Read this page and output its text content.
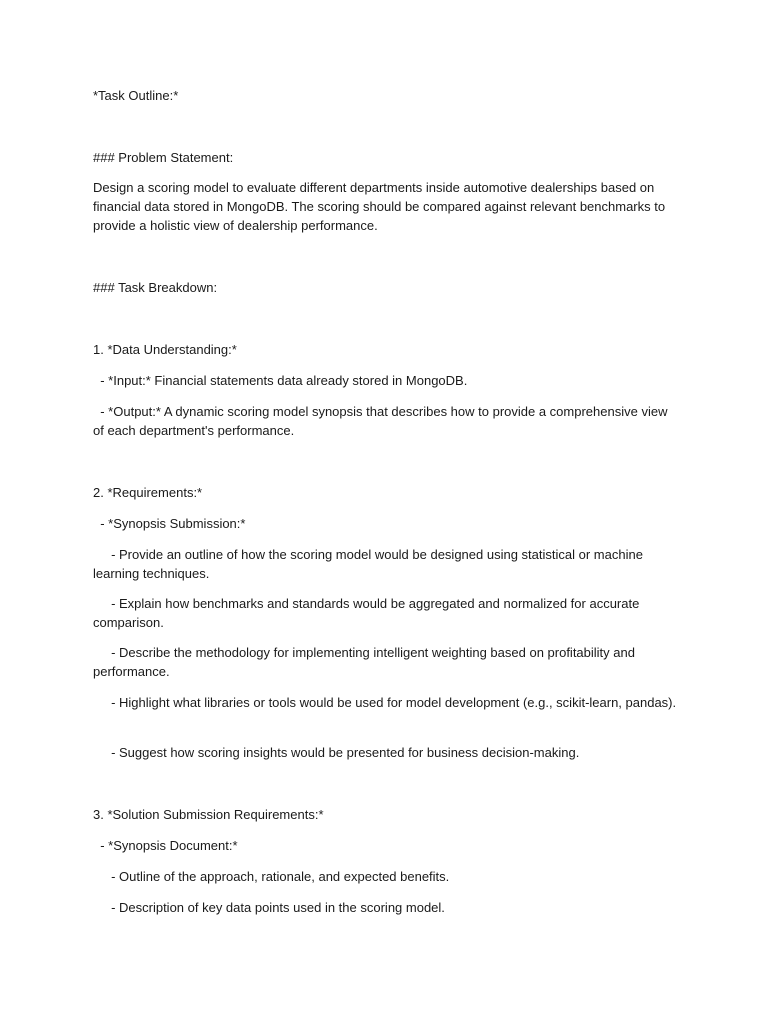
*Task Outline:*

### Problem Statement:

Design a scoring model to evaluate different departments inside automotive dealerships based on financial data stored in MongoDB. The scoring should be compared against relevant benchmarks to provide a holistic view of dealership performance.

### Task Breakdown:

1. *Data Understanding:*

- *Input:* Financial statements data already stored in MongoDB.

- *Output:* A dynamic scoring model synopsis that describes how to provide a comprehensive view of each department's performance.

2. *Requirements:*

- *Synopsis Submission:*

- Provide an outline of how the scoring model would be designed using statistical or machine learning techniques.

- Explain how benchmarks and standards would be aggregated and normalized for accurate comparison.

- Describe the methodology for implementing intelligent weighting based on profitability and performance.

- Highlight what libraries or tools would be used for model development (e.g., scikit-learn, pandas).

- Suggest how scoring insights would be presented for business decision-making.

3. *Solution Submission Requirements:*

- *Synopsis Document:*

- Outline of the approach, rationale, and expected benefits.

- Description of key data points used in the scoring model.
